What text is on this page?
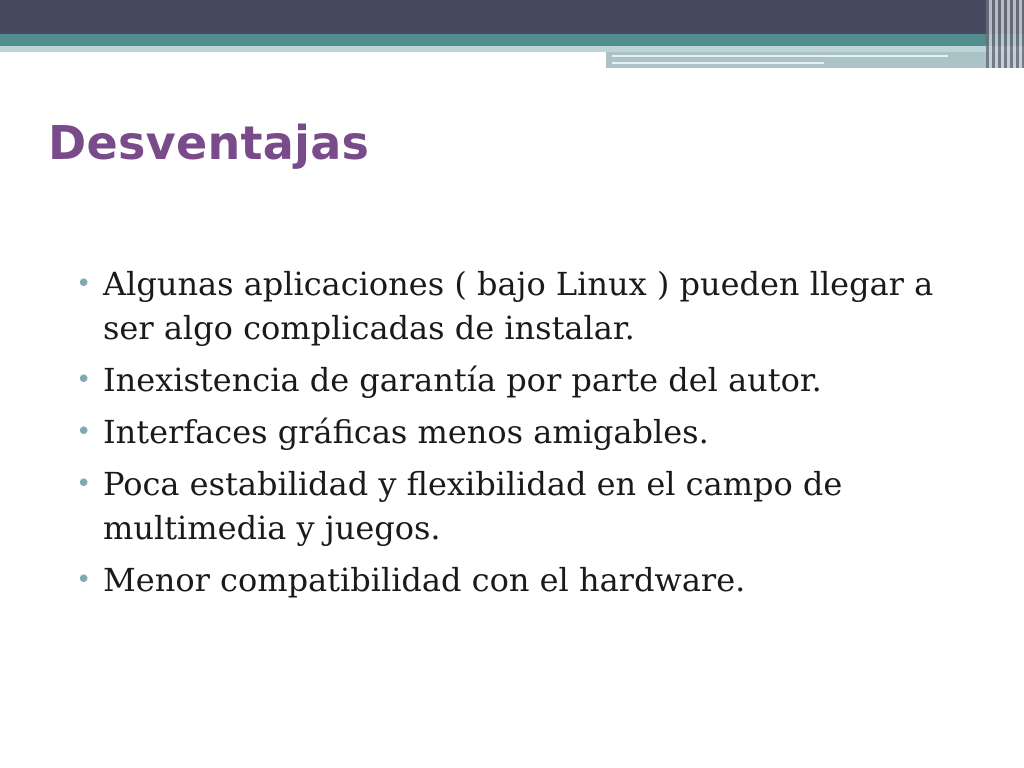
Desventajas
• Algunas aplicaciones ( bajo Linux ) pueden llegar a ser algo complicadas de instalar.
• Inexistencia de garantía por parte del autor.
• Interfaces gráficas menos amigables.
• Poca estabilidad y flexibilidad en el campo de multimedia y juegos.
• Menor compatibilidad con el hardware.
